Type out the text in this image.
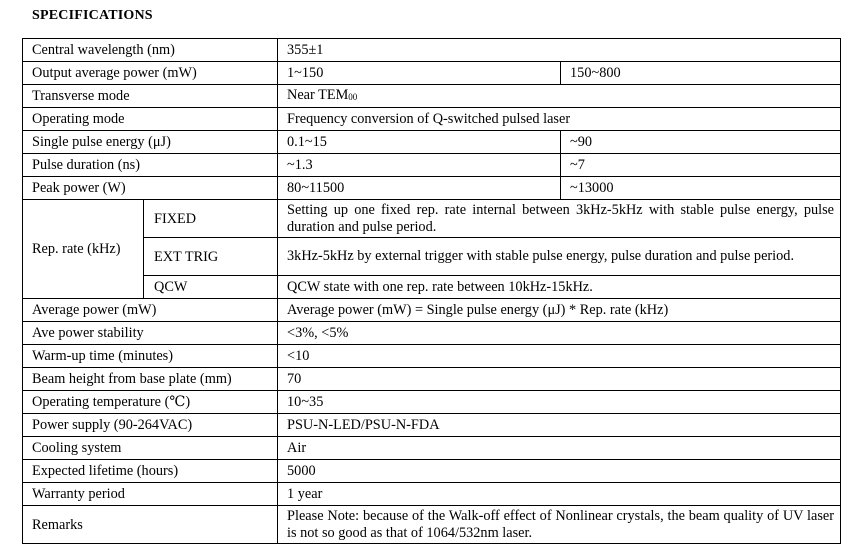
SPECIFICATIONS
Central wavelength (nm)		355±1	
Output average power (mW)		1~150	150~800
Transverse mode		Near $TEM_{00}$
Operating mode		Frequency conversion of Q-switched pulsed laser	
Single pulse energy (μJ)		0.1~15	~90
Pulse duration (ns)		~1.3	~7
Peak power (W)		80~11500	~13000
Rep. rate (kHz)	FIXED	Setting up one fixed rep. rate internal between 3kHz-5kHz with stable pulse energy, pulse duration and pulse period.	
	EXT TRIG	3kHz-5kHz by external trigger with stable pulse energy, pulse duration and pulse period.	
	QCW	QCW state with one rep. rate between 10kHz-15kHz.	
Average power (mW)		Average power (mW) = Single pulse energy (μJ) * Rep. rate (kHz)	
Ave power stability		<3%, <5%	
Warm-up time (minutes)		<10	
Beam height from base plate (mm)		70	
Operating temperature (℃)		10~35	
Power supply (90-264VAC)		PSU-N-LED/PSU-N-FDA	
Cooling system		Air	
Expected lifetime (hours)		5000	
Warranty period		1 year	
Remarks		Please Note: because of the Walk-off effect of Nonlinear crystals, the beam quality of UV laser is not so good as that of 1064/532nm laser.	
